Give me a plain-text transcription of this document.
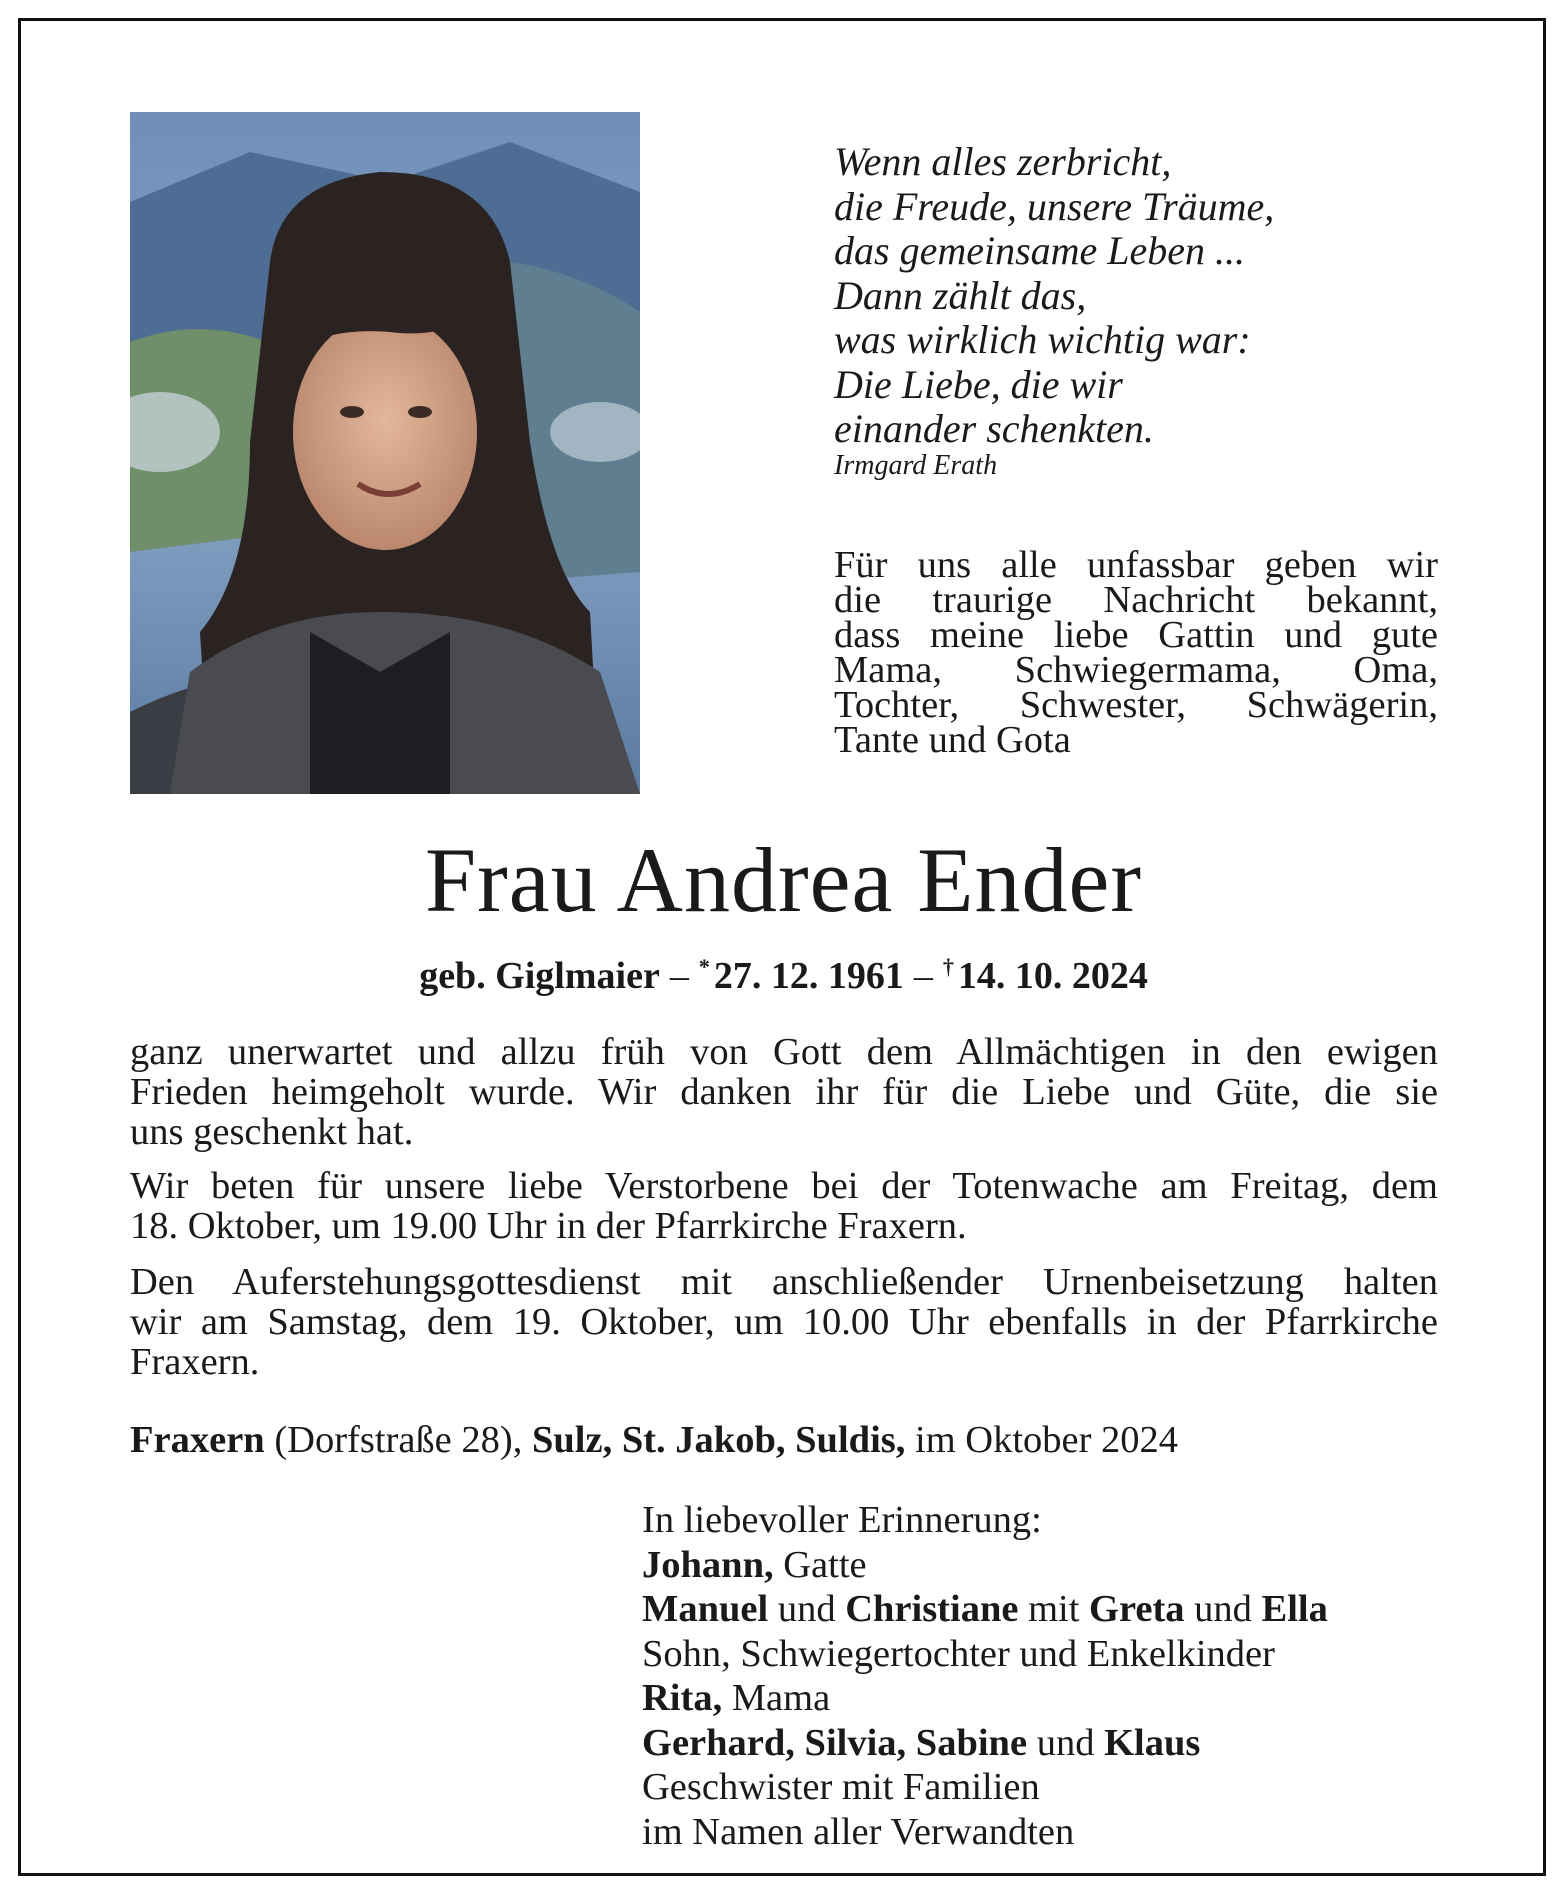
Wenn alles zerbricht,
die Freude, unsere Träume,
das gemeinsame Leben ...
Dann zählt das,
was wirklich wichtig war:
Die Liebe, die wir
einander schenkten.
Irmgard Erath
Für uns alle unfassbar geben wir
die traurige Nachricht bekannt,
dass meine liebe Gattin und gute
Mama, Schwiegermama, Oma,
Tochter, Schwester, Schwägerin,
Tante und Gota
Frau Andrea Ender
geb. Giglmaier – * 27. 12. 1961 – † 14. 10. 2024
ganz unerwartet und allzu früh von Gott dem Allmächtigen in den ewigen
Frieden heimgeholt wurde. Wir danken ihr für die Liebe und Güte, die sie
uns geschenkt hat.
Wir beten für unsere liebe Verstorbene bei der Totenwache am Freitag, dem
18. Oktober, um 19.00 Uhr in der Pfarrkirche Fraxern.
Den Auferstehungsgottesdienst mit anschließender Urnenbeisetzung halten
wir am Samstag, dem 19. Oktober, um 10.00 Uhr ebenfalls in der Pfarrkirche
Fraxern.
Fraxern (Dorfstraße 28), Sulz, St. Jakob, Suldis, im Oktober 2024
In liebevoller Erinnerung:
Johann, Gatte
Manuel und Christiane mit Greta und Ella
Sohn, Schwiegertochter und Enkelkinder
Rita, Mama
Gerhard, Silvia, Sabine und Klaus
Geschwister mit Familien
im Namen aller Verwandten
